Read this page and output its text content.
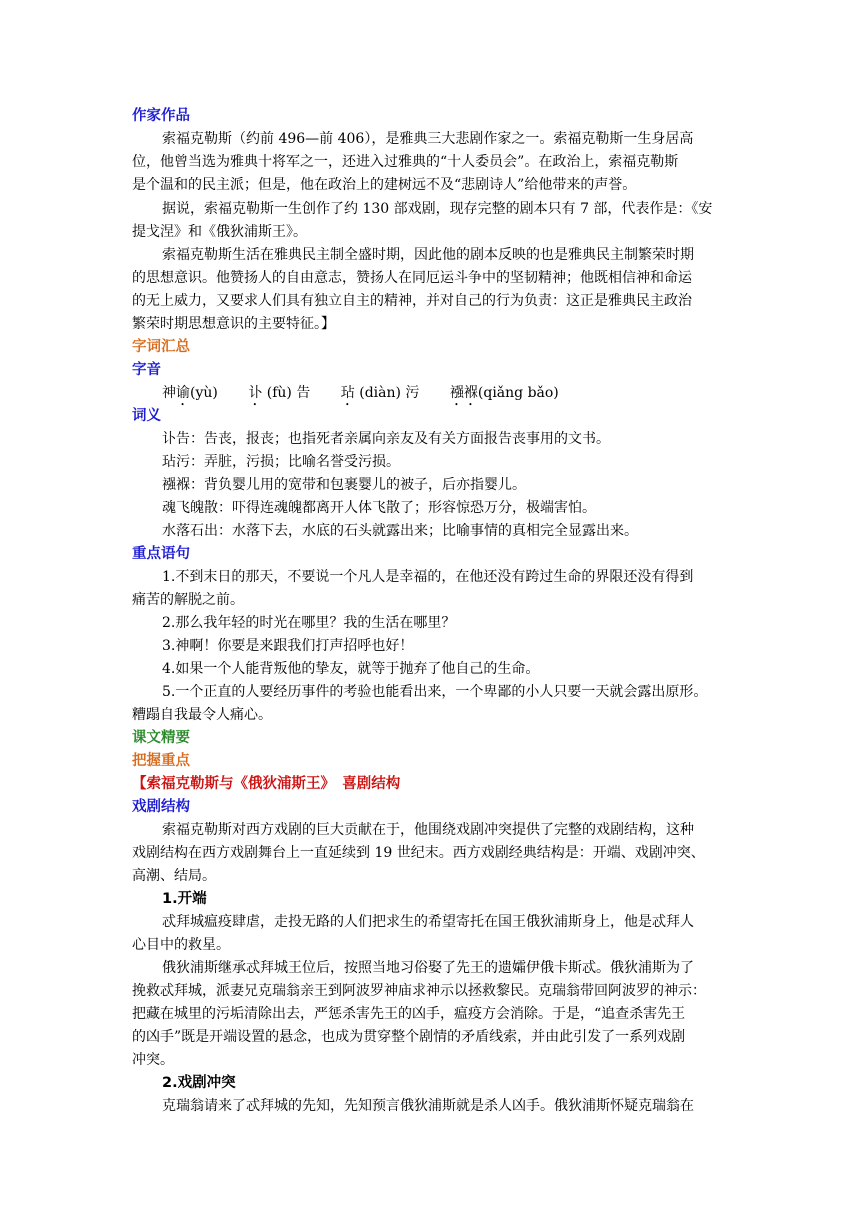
作家作品
索福克勒斯（约前 496—前 406），是雅典三大悲剧作家之一。索福克勒斯一生身居高
位，他曾当选为雅典十将军之一，还进入过雅典的“十人委员会”。在政治上，索福克勒斯
是个温和的民主派；但是，他在政治上的建树远不及“悲剧诗人”给他带来的声誉。
据说，索福克勒斯一生创作了约 130 部戏剧，现存完整的剧本只有 7 部，代表作是：《安
提戈涅》和《俄狄浦斯王》。
索福克勒斯生活在雅典民主制全盛时期，因此他的剧本反映的也是雅典民主制繁荣时期
的思想意识。他赞扬人的自由意志，赞扬人在同厄运斗争中的坚韧精神；他既相信神和命运
的无上威力，又要求人们具有独立自主的精神，并对自己的行为负责：这正是雅典民主政治
繁荣时期思想意识的主要特征。】
字词汇总
字音
神谕(yù) 讣 (fù) 告 玷 (diàn) 污 襁褓(qiǎng bǎo)
词义
讣告：告丧，报丧；也指死者亲属向亲友及有关方面报告丧事用的文书。
玷污：弄脏，污损；比喻名誉受污损。
襁褓：背负婴儿用的宽带和包裹婴儿的被子，后亦指婴儿。
魂飞魄散：吓得连魂魄都离开人体飞散了；形容惊恐万分，极端害怕。
水落石出：水落下去，水底的石头就露出来；比喻事情的真相完全显露出来。
重点语句
1.不到末日的那天，不要说一个凡人是幸福的，在他还没有跨过生命的界限还没有得到
痛苦的解脱之前。
2.那么我年轻的时光在哪里？我的生活在哪里？
3.神啊！你要是来跟我们打声招呼也好！
4.如果一个人能背叛他的挚友，就等于抛弃了他自己的生命。
5.一个正直的人要经历事件的考验也能看出来，一个卑鄙的小人只要一天就会露出原形。
糟蹋自我最令人痛心。
课文精要
把握重点
【索福克勒斯与《俄狄浦斯王》　喜剧结构
戏剧结构
索福克勒斯对西方戏剧的巨大贡献在于，他围绕戏剧冲突提供了完整的戏剧结构，这种
戏剧结构在西方戏剧舞台上一直延续到 19 世纪末。西方戏剧经典结构是：开端、戏剧冲突、
高潮、结局。
1.开端
忒拜城瘟疫肆虐，走投无路的人们把求生的希望寄托在国王俄狄浦斯身上，他是忒拜人
心目中的救星。
俄狄浦斯继承忒拜城王位后，按照当地习俗娶了先王的遗孀伊俄卡斯忒。俄狄浦斯为了
挽救忒拜城，派妻兄克瑞翁亲王到阿波罗神庙求神示以拯救黎民。克瑞翁带回阿波罗的神示：
把藏在城里的污垢清除出去，严惩杀害先王的凶手，瘟疫方会消除。于是，“追查杀害先王
的凶手”既是开端设置的悬念，也成为贯穿整个剧情的矛盾线索，并由此引发了一系列戏剧
冲突。
2.戏剧冲突
克瑞翁请来了忒拜城的先知，先知预言俄狄浦斯就是杀人凶手。俄狄浦斯怀疑克瑞翁在
